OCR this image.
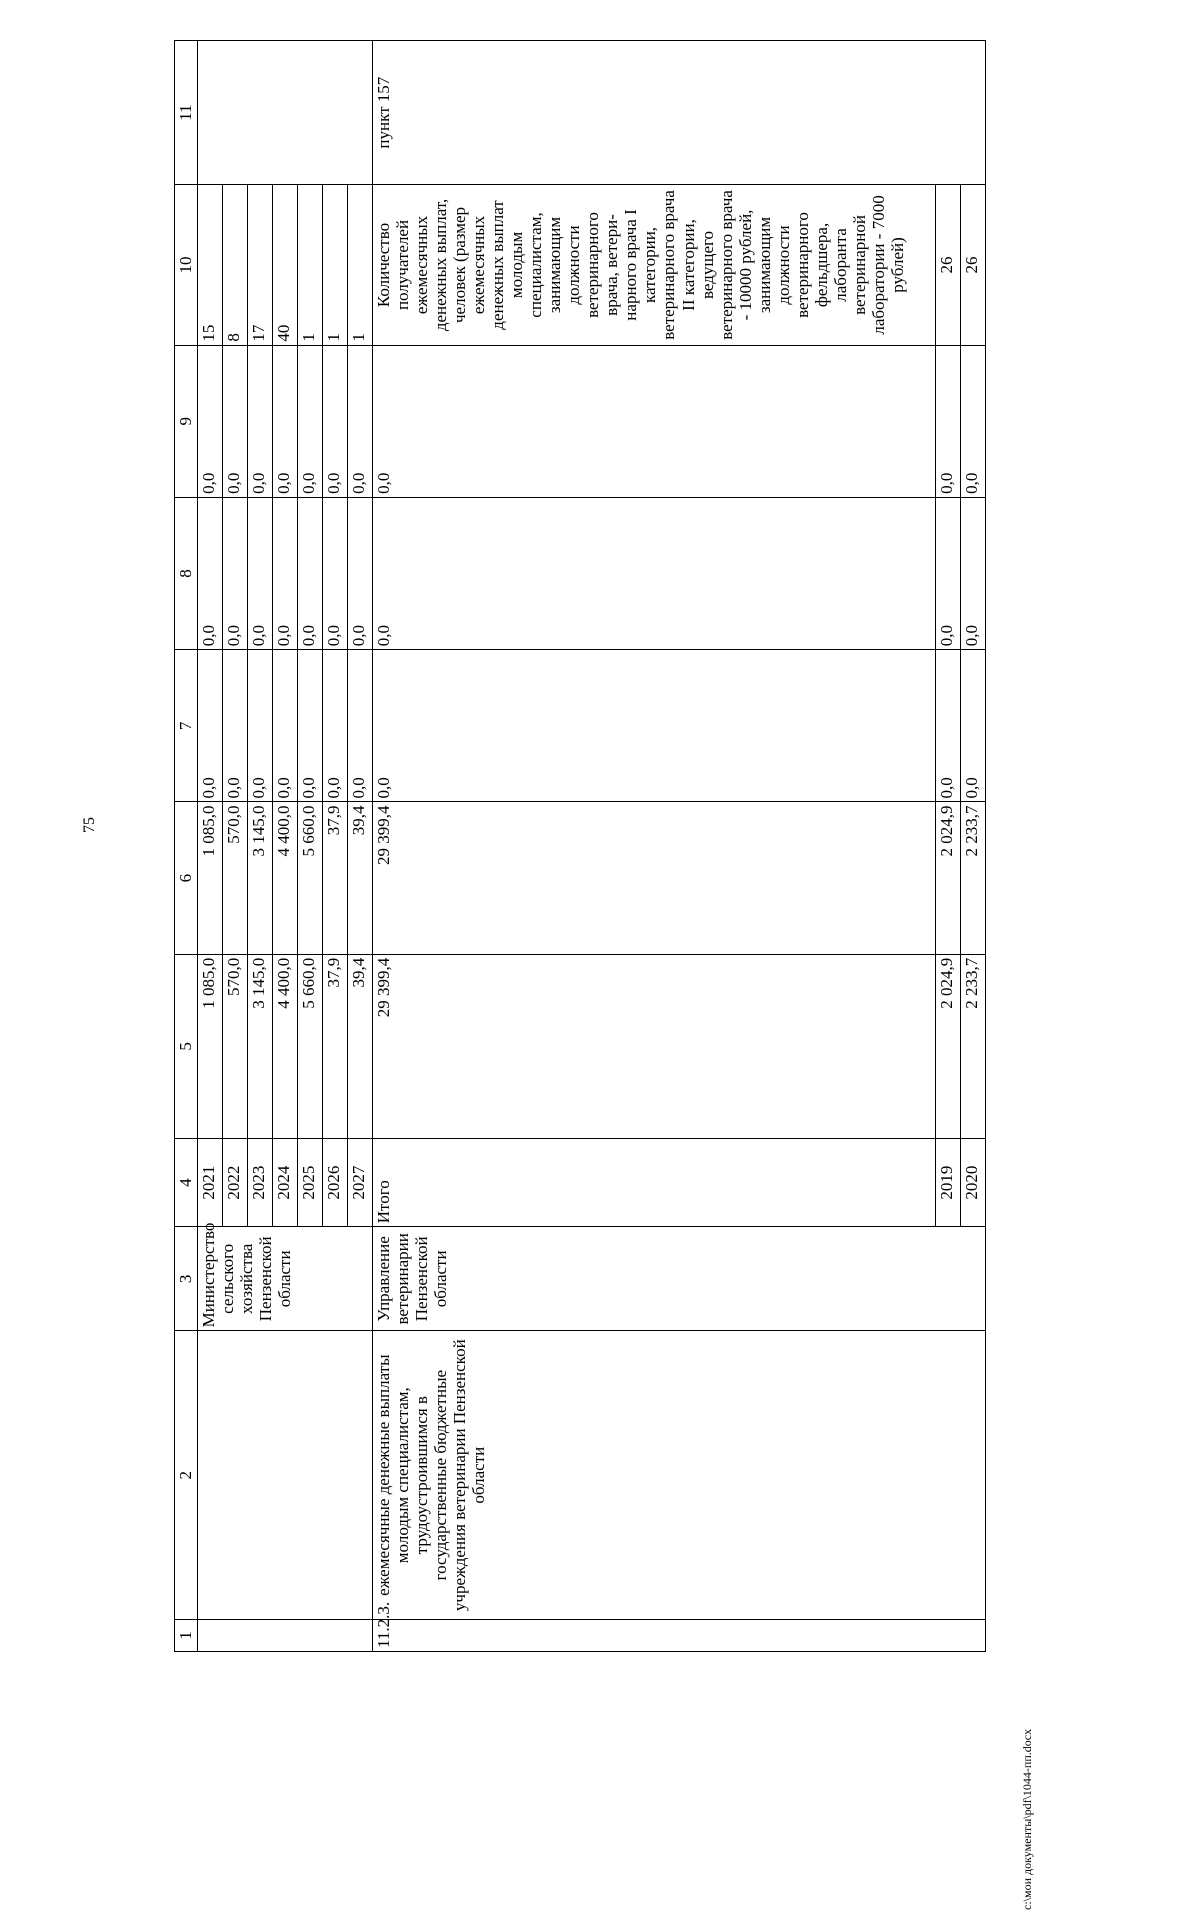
75
1	2	3	4	5	6	7	8	9	10	11
		Министерство сельского хозяйства Пензенской области	2021	1 085,0	1 085,0	0,0	0,0	0,0	15	
			2022	570,0	570,0	0,0	0,0	0,0	8	
			2023	3 145,0	3 145,0	0,0	0,0	0,0	17	
			2024	4 400,0	4 400,0	0,0	0,0	0,0	40	
			2025	5 660,0	5 660,0	0,0	0,0	0,0	1	
			2026	37,9	37,9	0,0	0,0	0,0	1	
			2027	39,4	39,4	0,0	0,0	0,0	1	
11.2.3.	ежемесячные денежные выплаты молодым специалистам, трудоустроившимся в государственные бюджетные учреждения ветеринарии Пензенской области	Управление ветеринарии Пензенской области	Итого	29 399,4	29 399,4	0,0	0,0	0,0	Количество получателей ежемесячных денежных выплат, человек (размер ежемесячных денежных выплат молодым специалистам, занимающим должности ветеринарного врача, ветери-нарного врача I категории, ветеринарного врача II категории, ведущего ветеринарного врача - 10000 рублей, занимающим должности ветеринарного фельдшера, лаборанта ветеринарной лаборатории - 7000 рублей)	пункт 157
			2019	2 024,9	2 024,9	0,0	0,0	0,0	26	
			2020	2 233,7	2 233,7	0,0	0,0	0,0	26	
c:\мои документы\pdf\1044-пп.docx
